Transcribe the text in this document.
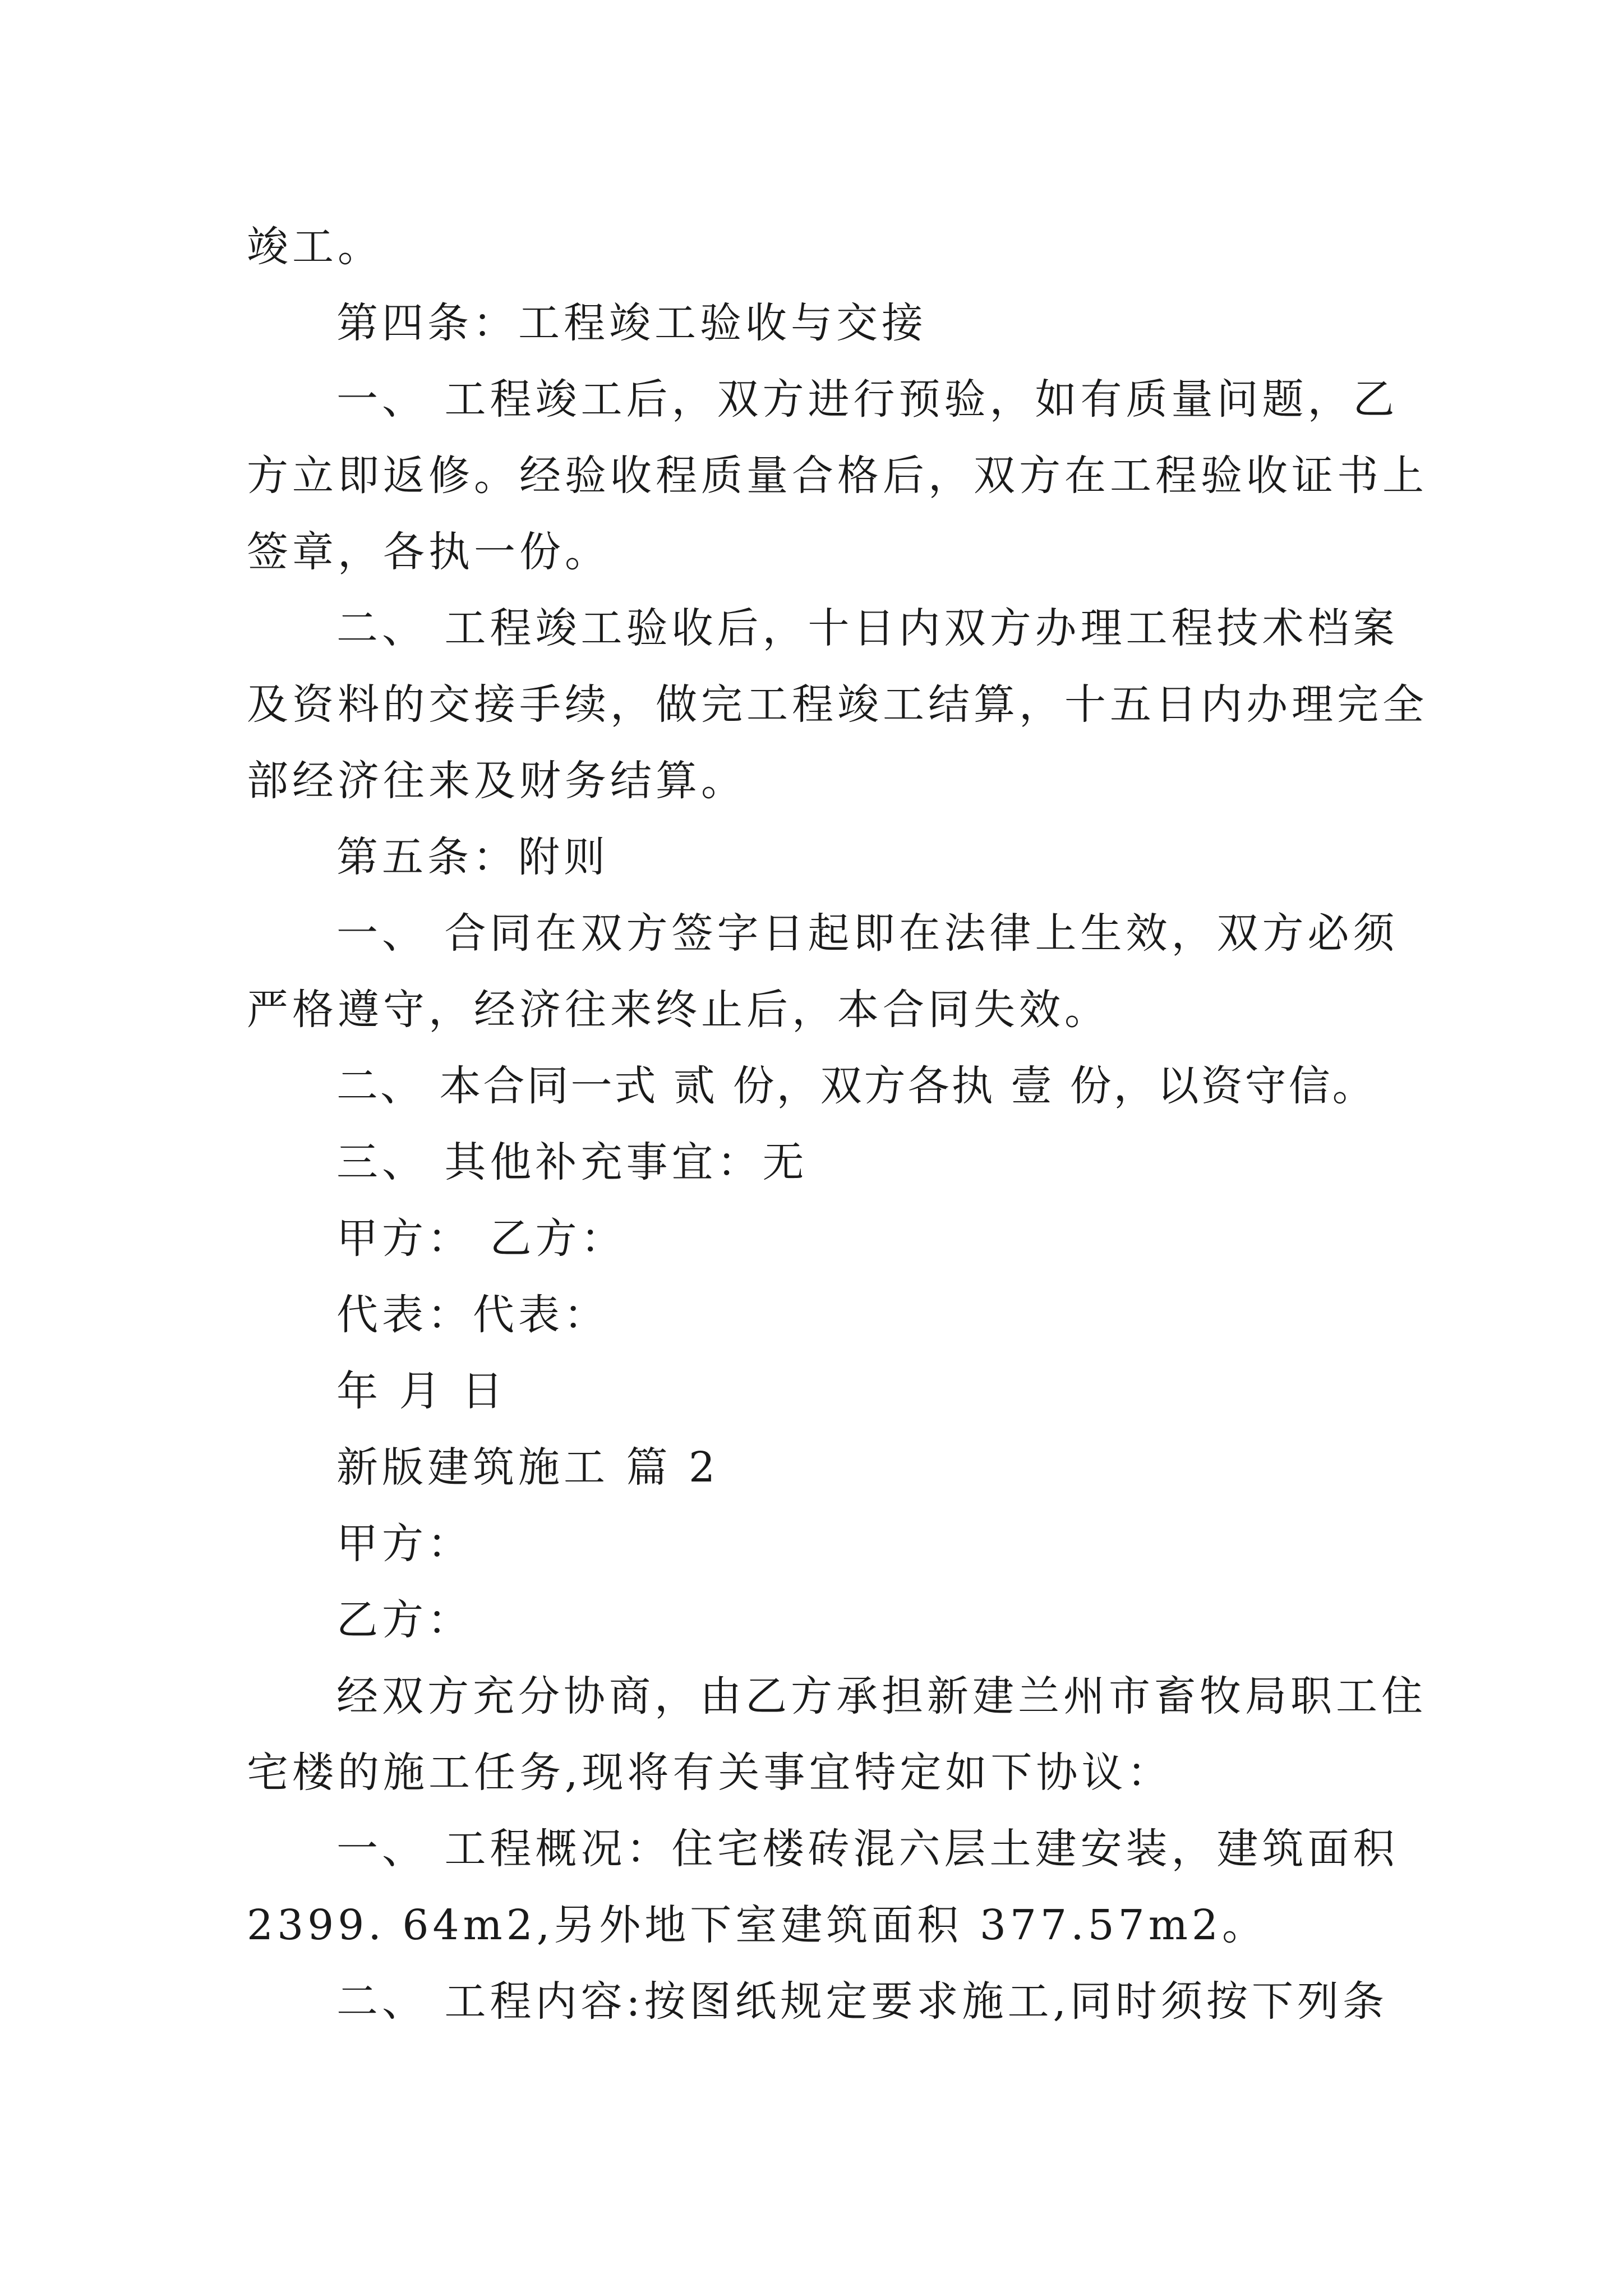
竣工。
第四条：工程竣工验收与交接
一、 工程竣工后，双方进行预验，如有质量问题，乙
方立即返修。经验收程质量合格后，双方在工程验收证书上
签章，各执一份。
二、 工程竣工验收后，十日内双方办理工程技术档案
及资料的交接手续，做完工程竣工结算，十五日内办理完全
部经济往来及财务结算。
第五条：附则
一、 合同在双方签字日起即在法律上生效，双方必须
严格遵守，经济往来终止后，本合同失效。
二、 本合同一式 贰 份，双方各执 壹 份，以资守信。
三、 其他补充事宜：无
甲方： 乙方：
代表：代表：
年 月 日
新版建筑施工 篇 2
甲方：
乙方：
经双方充分协商，由乙方承担新建兰州市畜牧局职工住
宅楼的施工任务,现将有关事宜特定如下协议：
一、 工程概况：住宅楼砖混六层土建安装，建筑面积
2399. 64m2,另外地下室建筑面积 377.57m2。
二、 工程内容:按图纸规定要求施工,同时须按下列条
